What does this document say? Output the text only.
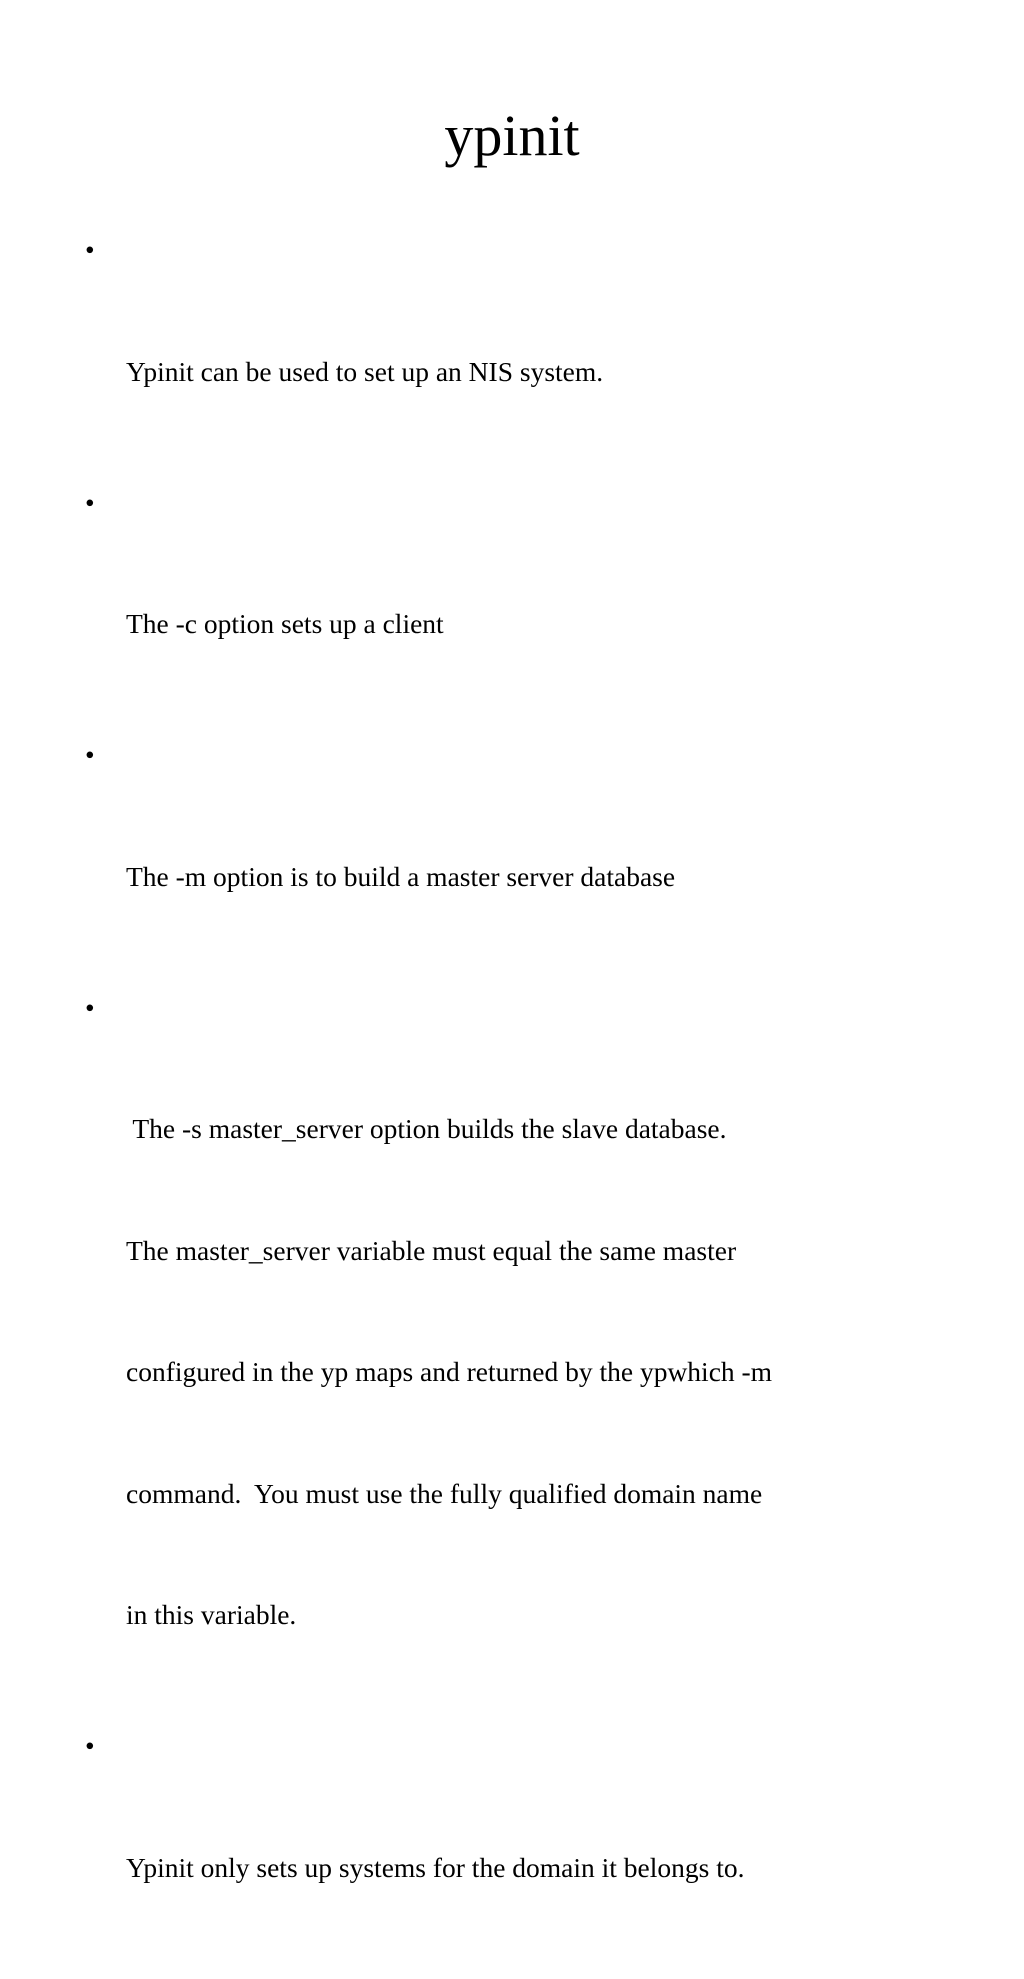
ypinit

•

Ypinit can be used to set up an NIS system.

•

The -c option sets up a client

•

The -m option is to build a master server database

•

The -s master_server option builds the slave database.

The master_server variable must equal the same master

configured in the yp maps and returned by the ypwhich -m

command.  You must use the fully qualified domain name

in this variable.

•

Ypinit only sets up systems for the domain it belongs to.
